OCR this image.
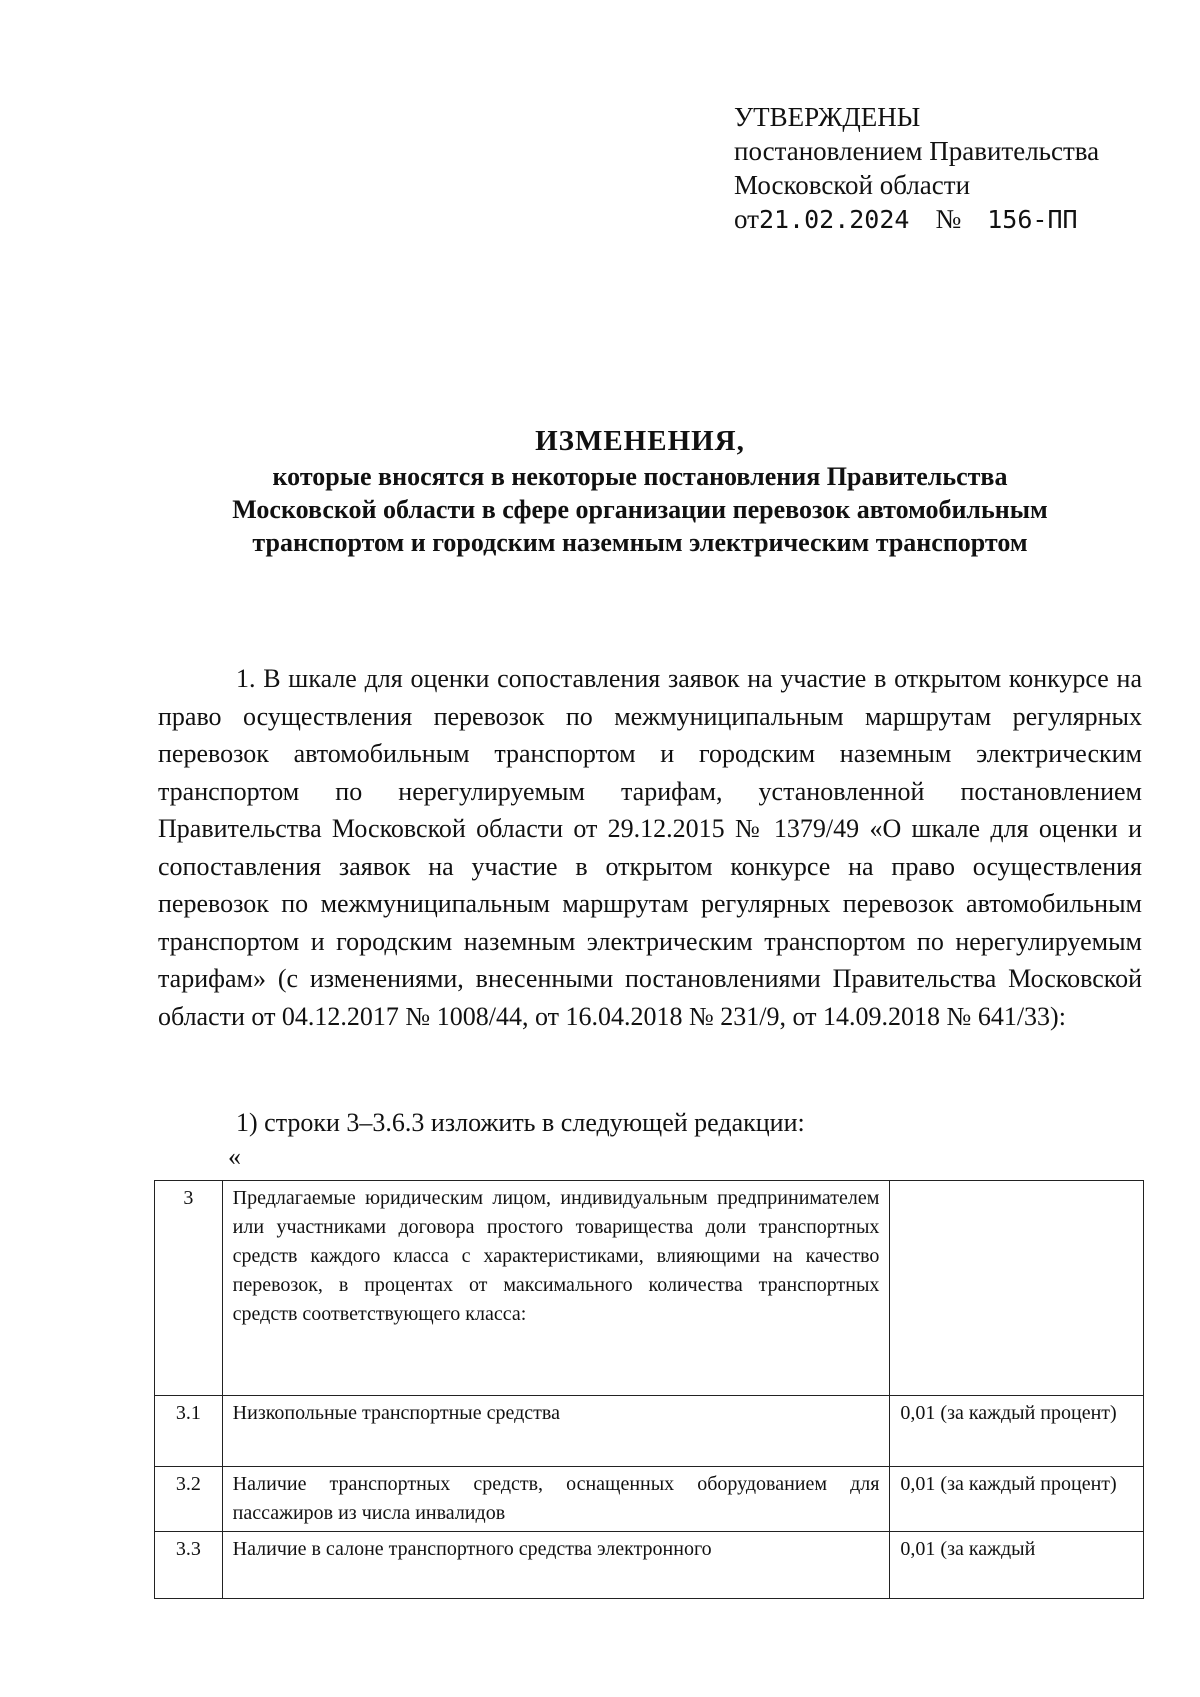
УТВЕРЖДЕНЫ
постановлением Правительства
Московской области
от 21.02.2024 № 156-ПП
ИЗМЕНЕНИЯ,
которые вносятся в некоторые постановления Правительства
Московской области в сфере организации перевозок автомобильным
транспортом и городским наземным электрическим транспортом

1. В шкале для оценки сопоставления заявок на участие в открытом конкурсе на право осуществления перевозок по межмуниципальным маршрутам регулярных перевозок автомобильным транспортом и городским наземным электрическим транспортом по нерегулируемым тарифам, установленной постановлением Правительства Московской области от 29.12.2015 № 1379/49 «О шкале для оценки и сопоставления заявок на участие в открытом конкурсе на право осуществления перевозок по межмуниципальным маршрутам регулярных перевозок автомобильным транспортом и городским наземным электрическим транспортом по нерегулируемым тарифам» (с изменениями, внесенными постановлениями Правительства Московской области от 04.12.2017 № 1008/44, от 16.04.2018 № 231/9, от 14.09.2018 № 641/33):

1) строки 3–3.6.3 изложить в следующей редакции:
«
3	Предлагаемые юридическим лицом, индивидуальным предпринимателем или участниками договора простого товарищества доли транспортных средств каждого класса с характеристиками, влияющими на качество перевозок, в процентах от максимального количества транспортных средств соответствующего класса:	
3.1	Низкопольные транспортные средства	0,01 (за каждый процент)
3.2	Наличие транспортных средств, оснащенных оборудованием для пассажиров из числа инвалидов	0,01 (за каждый процент)
3.3	Наличие в салоне транспортного средства электронного	0,01 (за каждый
